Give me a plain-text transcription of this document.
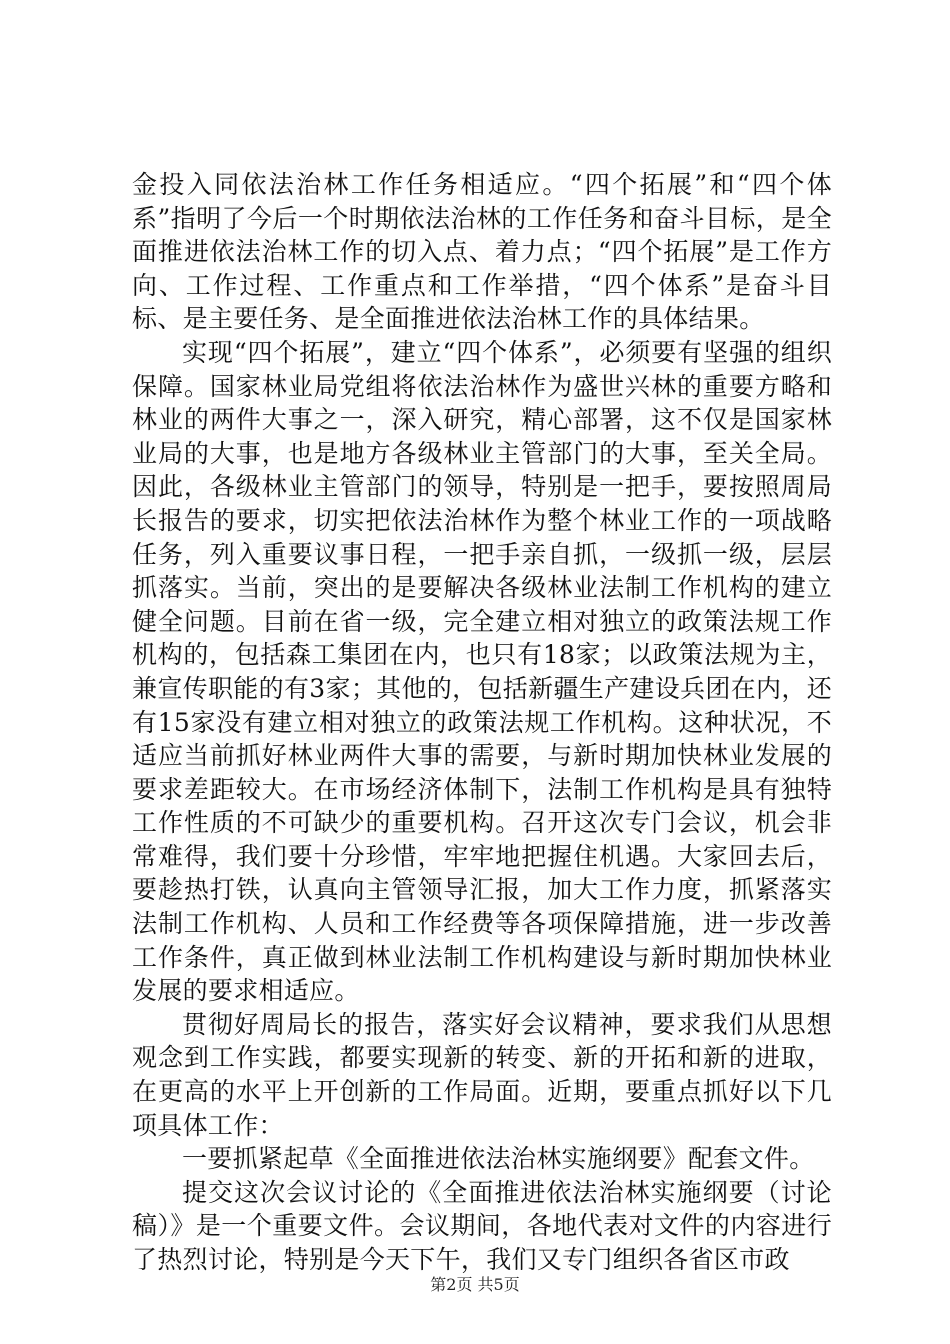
金投入同依法治林工作任务相适应。“四个拓展”和“四个体系”指明了今后一个时期依法治林的工作任务和奋斗目标，是全面推进依法治林工作的切入点、着力点；“四个拓展”是工作方向、工作过程、工作重点和工作举措，“四个体系”是奋斗目标、是主要任务、是全面推进依法治林工作的具体结果。

实现“四个拓展”，建立“四个体系”，必须要有坚强的组织保障。国家林业局党组将依法治林作为盛世兴林的重要方略和林业的两件大事之一，深入研究，精心部署，这不仅是国家林业局的大事，也是地方各级林业主管部门的大事，至关全局。因此，各级林业主管部门的领导，特别是一把手，要按照周局长报告的要求，切实把依法治林作为整个林业工作的一项战略任务，列入重要议事日程，一把手亲自抓，一级抓一级，层层抓落实。当前，突出的是要解决各级林业法制工作机构的建立健全问题。目前在省一级，完全建立相对独立的政策法规工作机构的，包括森工集团在内，也只有18家；以政策法规为主，兼宣传职能的有3家；其他的，包括新疆生产建设兵团在内，还有15家没有建立相对独立的政策法规工作机构。这种状况，不适应当前抓好林业两件大事的需要，与新时期加快林业发展的要求差距较大。在市场经济体制下，法制工作机构是具有独特工作性质的不可缺少的重要机构。召开这次专门会议，机会非常难得，我们要十分珍惜，牢牢地把握住机遇。大家回去后，要趁热打铁，认真向主管领导汇报，加大工作力度，抓紧落实法制工作机构、人员和工作经费等各项保障措施，进一步改善工作条件，真正做到林业法制工作机构建设与新时期加快林业发展的要求相适应。

贯彻好周局长的报告，落实好会议精神，要求我们从思想观念到工作实践，都要实现新的转变、新的开拓和新的进取，在更高的水平上开创新的工作局面。近期，要重点抓好以下几项具体工作：

一要抓紧起草《全面推进依法治林实施纲要》配套文件。

提交这次会议讨论的《全面推进依法治林实施纲要（讨论稿）》是一个重要文件。会议期间，各地代表对文件的内容进行了热烈讨论，特别是今天下午，我们又专门组织各省区市政

第2页 共5页
